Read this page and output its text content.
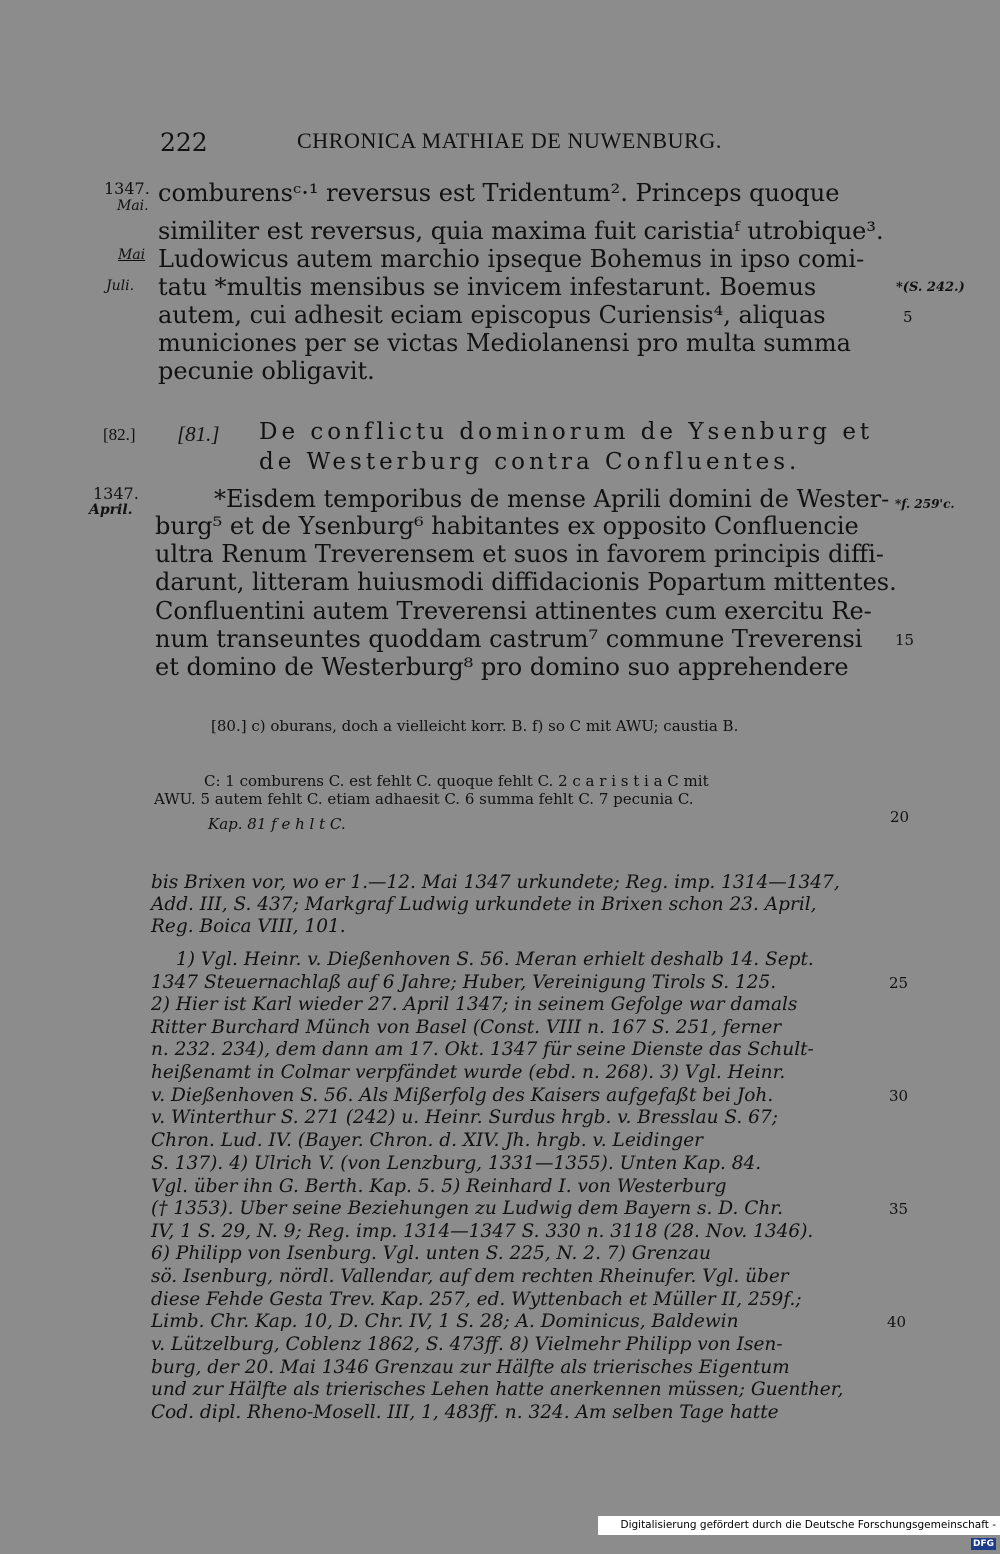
222	CHRONICA MATHIAE DE NUWENBURG.
1347.
Mai.
Mai
Juli.
comburensᶜ·¹ reversus est Tridentum². Princeps quoque
similiter est reversus, quia maxima fuit caristiaᶠ utrobique³.
Ludowicus autem marchio ipseque Bohemus in ipso comi-
tatu *multis mensibus se invicem infestarunt. Boemus
autem, cui adhesit eciam episcopus Curiensis⁴, aliquas
municiones per se victas Mediolanensi pro multa summa
pecunie obligavit.
*(S. 242.)
5
[82.] [81.] De conflictu dominorum de Ysenburg et
de Westerburg contra Confluentes.
1347.
April.	*Eisdem temporibus de mense Aprili domini de Wester-
burg⁵ et de Ysenburg⁶ habitantes ex opposito Confluencie
ultra Renum Treverensem et suos in favorem principis diffi-
darunt, litteram huiusmodi diffidacionis Popartum mittentes.
Confluentini autem Treverensi attinentes cum exercitu Re-
num transeuntes quoddam castrum⁷ commune Treverensi
et domino de Westerburg⁸ pro domino suo apprehendere
*f. 259'c.
15
[80.] c) oburans, doch a vielleicht korr. B. f) so C mit AWU; caustia B.
C: 1 comburens C. est fehlt C. quoque fehlt C. 2 c a r i s t i a C mit
AWU. 5 autem fehlt C. etiam adhaesit C. 6 summa fehlt C. 7 pecunia C.
Kap. 81 f e h l t C.	20
bis Brixen vor, wo er 1.—12. Mai 1347 urkundete; Reg. imp. 1314—1347,
Add. III, S. 437; Markgraf Ludwig urkundete in Brixen schon 23. April,
Reg. Boica VIII, 101.
1) Vgl. Heinr. v. Dießenhoven S. 56. Meran erhielt deshalb 14. Sept.
1347 Steuernachlaß auf 6 Jahre; Huber, Vereinigung Tirols S. 125.
2) Hier ist Karl wieder 27. April 1347; in seinem Gefolge war damals
Ritter Burchard Münch von Basel (Const. VIII n. 167 S. 251, ferner
n. 232. 234), dem dann am 17. Okt. 1347 für seine Dienste das Schult-
heißenamt in Colmar verpfändet wurde (ebd. n. 268). 3) Vgl. Heinr.
v. Dießenhoven S. 56. Als Mißerfolg des Kaisers aufgefaßt bei Joh.
v. Winterthur S. 271 (242) u. Heinr. Surdus hrgb. v. Bresslau S. 67;
Chron. Lud. IV. (Bayer. Chron. d. XIV. Jh. hrgb. v. Leidinger
S. 137). 4) Ulrich V. (von Lenzburg, 1331—1355). Unten Kap. 84.
Vgl. über ihn G. Berth. Kap. 5. 5) Reinhard I. von Westerburg
(† 1353). Uber seine Beziehungen zu Ludwig dem Bayern s. D. Chr.
IV, 1 S. 29, N. 9; Reg. imp. 1314—1347 S. 330 n. 3118 (28. Nov. 1346).
6) Philipp von Isenburg. Vgl. unten S. 225, N. 2. 7) Grenzau
sö. Isenburg, nördl. Vallendar, auf dem rechten Rheinufer. Vgl. über
diese Fehde Gesta Trev. Kap. 257, ed. Wyttenbach et Müller II, 259f.;
Limb. Chr. Kap. 10, D. Chr. IV, 1 S. 28; A. Dominicus, Baldewin
v. Lützelburg, Coblenz 1862, S. 473ff. 8) Vielmehr Philipp von Isen-
burg, der 20. Mai 1346 Grenzau zur Hälfte als trierisches Eigentum
und zur Hälfte als trierisches Lehen hatte anerkennen müssen; Guenther,
Cod. dipl. Rheno-Mosell. III, 1, 483ff. n. 324. Am selben Tage hatte
25
30
35
40
Digitalisierung gefördert durch die Deutsche Forschungsgemeinschaft -DFG
